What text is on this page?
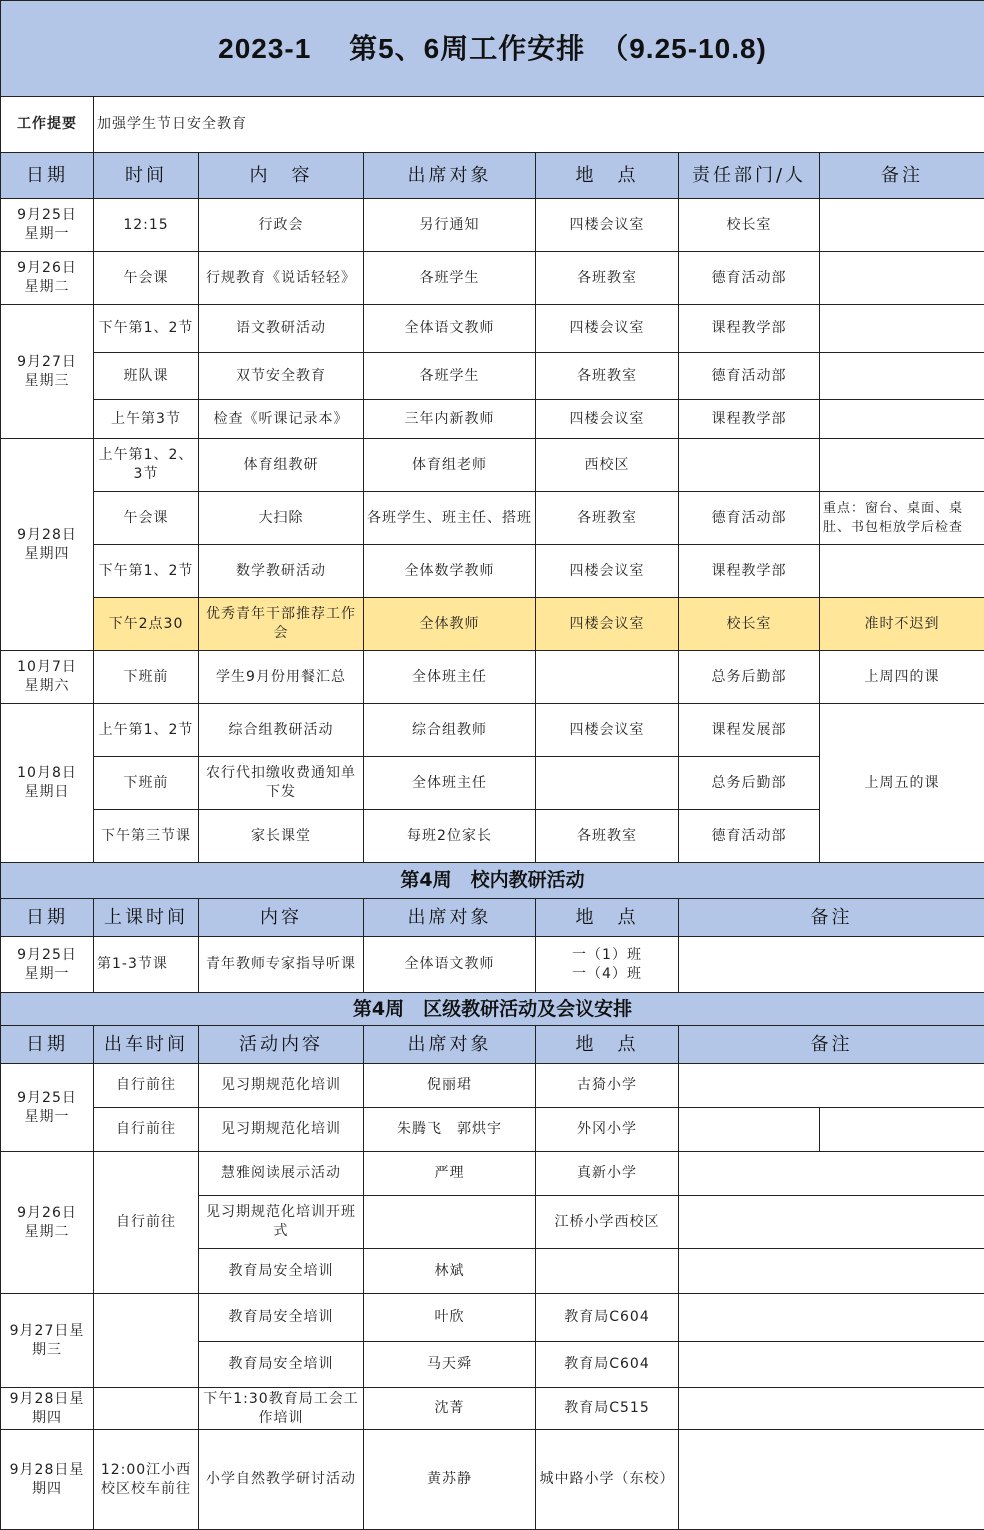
2023-1　 第5、6周工作安排　（9.25-10.8)						
工作提要	加强学生节日安全教育					
日期	时间	内　容	出席对象	地　点	责任部门/人	备注
9月25日
星期一	12:15	行政会	另行通知	四楼会议室	校长室	
9月26日
星期二	午会课	行规教育《说话轻轻》	各班学生	各班教室	德育活动部	
9月27日
星期三	下午第1、2节	语文教研活动	全体语文教师	四楼会议室	课程教学部	
	班队课	双节安全教育	各班学生	各班教室	德育活动部	
	上午第3节	检查《听课记录本》	三年内新教师	四楼会议室	课程教学部	
9月28日
星期四	上午第1、2、3节	体育组教研	体育组老师	西校区		
	午会课	大扫除	各班学生、班主任、搭班	各班教室	德育活动部	重点：窗台、桌面、桌肚、书包柜放学后检查
	下午第1、2节	数学教研活动	全体数学教师	四楼会议室	课程教学部	
	下午2点30	优秀青年干部推荐工作会	全体教师	四楼会议室	校长室	准时不迟到
10月7日
星期六	下班前	学生9月份用餐汇总	全体班主任		总务后勤部	上周四的课
10月8日
星期日	上午第1、2节	综合组教研活动	综合组教师	四楼会议室	课程发展部	上周五的课
	下班前	农行代扣缴收费通知单下发	全体班主任		总务后勤部	
	下午第三节课	家长课堂	每班2位家长	各班教室	德育活动部	
第4周　校内教研活动						
日期	上课时间	内容	出席对象	地　点	备注	
9月25日
星期一	第1-3节课	青年教师专家指导听课	全体语文教师	一（1）班
一（4）班		
第4周　区级教研活动及会议安排						
日期	出车时间	活动内容	出席对象	地　点	备注	
9月25日
星期一	自行前往	见习期规范化培训	倪丽珺	古猗小学		
	自行前往	见习期规范化培训	朱腾飞　郭烘宇	外冈小学		
9月26日
星期二	自行前往	慧雅阅读展示活动	严理	真新小学		
		见习期规范化培训开班式		江桥小学西校区		
		教育局安全培训	林斌			
9月27日星期三		教育局安全培训	叶欣	教育局C604		
		教育局安全培训	马天舜	教育局C604		
9月28日星期四		下午1:30教育局工会工作培训	沈菁	教育局C515		
9月28日星期四	12:00江小西校区校车前往	小学自然教学研讨活动	黄苏静	城中路小学（东校）		
